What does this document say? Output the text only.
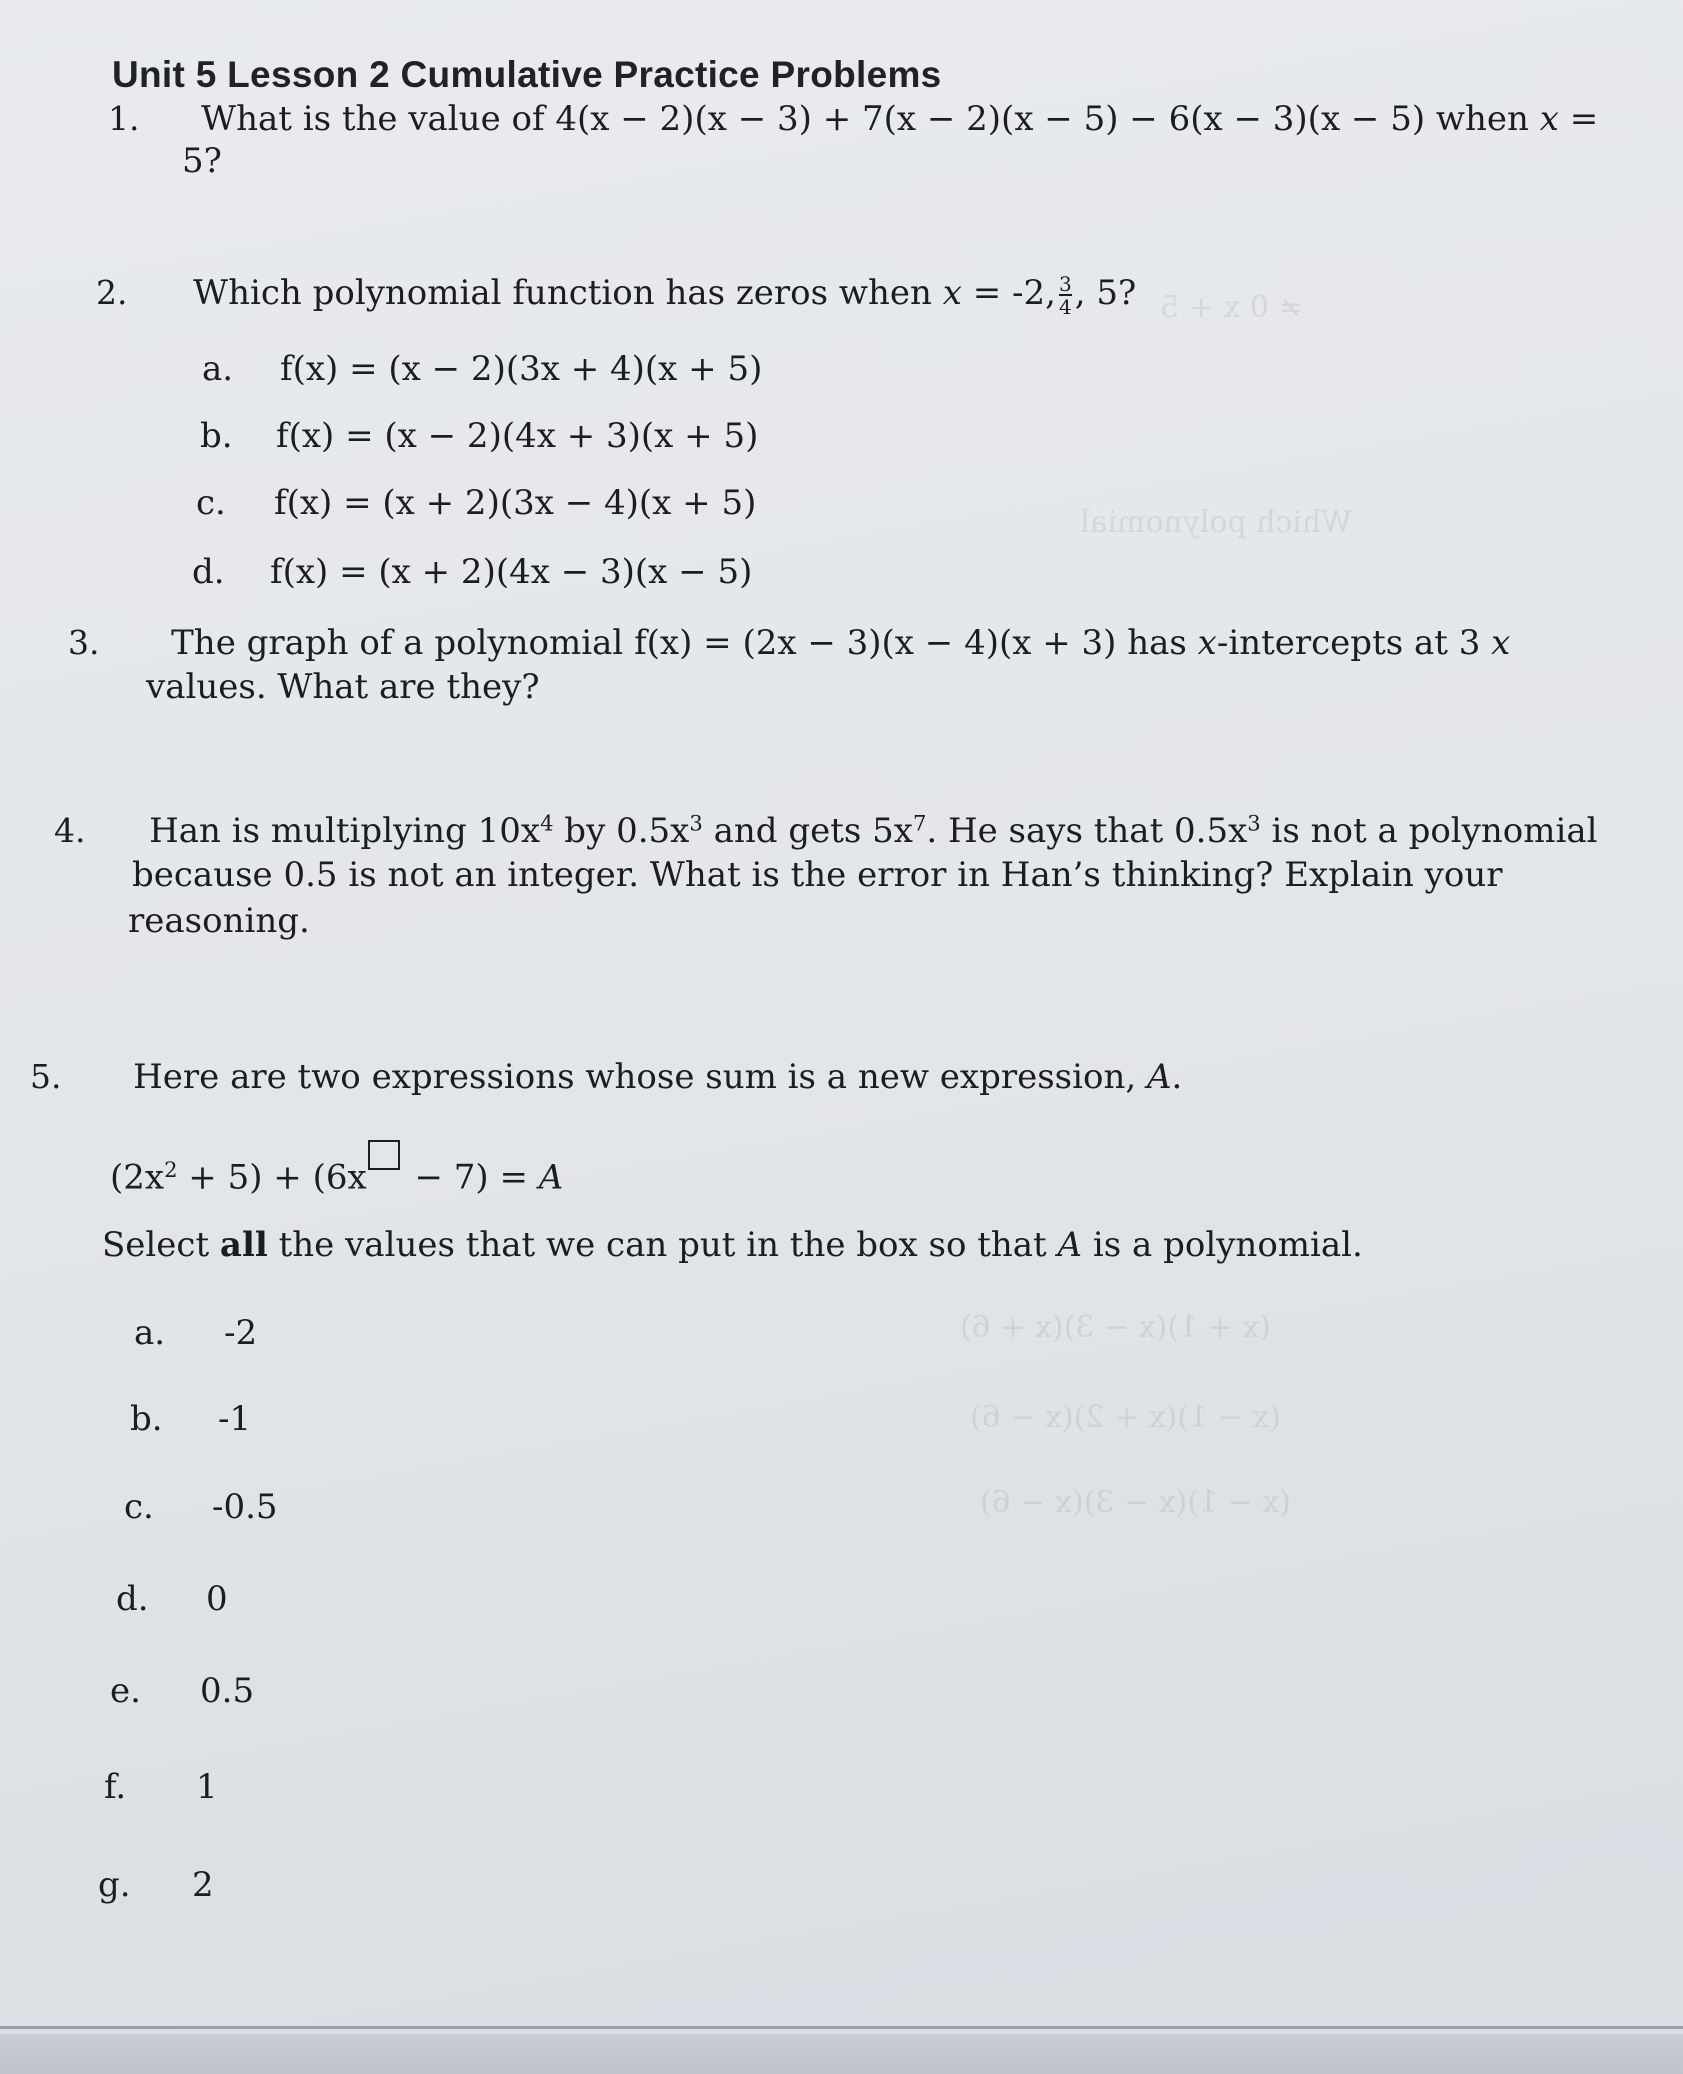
≠ 0 x + 5
Which polynomial
(x + 1)(x − 3)(x + 6)
(x − 1)(x + 2)(x − 6)
(x − 1)(x − 3)(x − 6)
Unit 5 Lesson 2 Cumulative Practice Problems
1. What is the value of 4(x − 2)(x − 3) + 7(x − 2)(x − 5) − 6(x − 3)(x − 5) when x =
5?
2. Which polynomial function has zeros when x = -2, $\frac{3}{4}$ , 5?
a. f(x) = (x − 2)(3x + 4)(x + 5)
b. f(x) = (x − 2)(4x + 3)(x + 5)
c. f(x) = (x + 2)(3x − 4)(x + 5)
d. f(x) = (x + 2)(4x − 3)(x − 5)
3. The graph of a polynomial f(x) = (2x − 3)(x − 4)(x + 3) has x-intercepts at 3 x
values. What are they?
4. Han is multiplying $10x^4$ by $0.5x^3$ and gets $5x^7$. He says that $0.5x^3$ is not a polynomial
because 0.5 is not an integer. What is the error in Han’s thinking? Explain your
reasoning.
5. Here are two expressions whose sum is a new expression, A.
$(2x^2 + 5) + (6x - 7) = A$
Select all the values that we can put in the box so that A is a polynomial.
a. -2
b. -1
c. -0.5
d. 0
e. 0.5
f. 1
g. 2
